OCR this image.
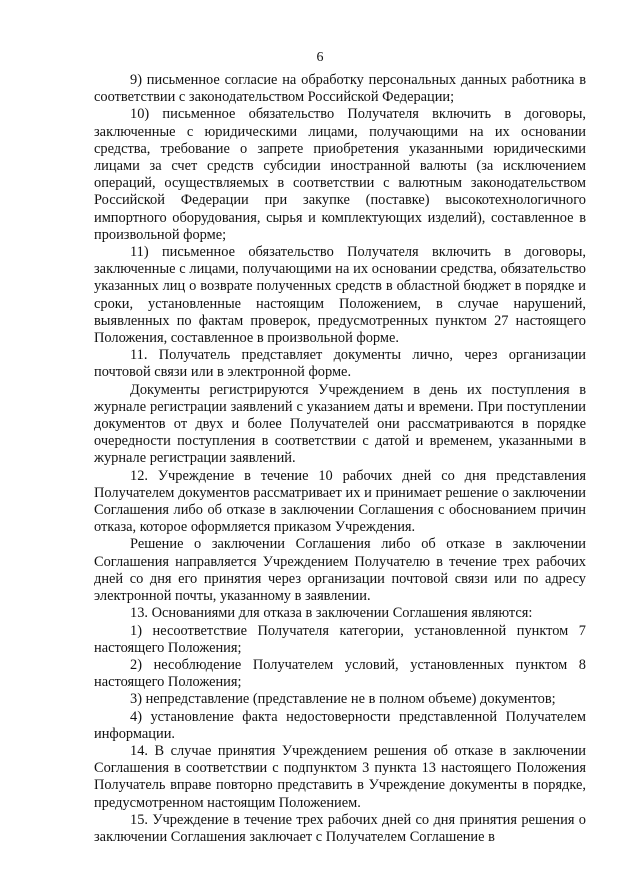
6

9) письменное согласие на обработку персональных данных работника в соответствии с законодательством Российской Федерации;

10) письменное обязательство Получателя включить в договоры, заключенные с юридическими лицами, получающими на их основании средства, требование о запрете приобретения указанными юридическими лицами за счет средств субсидии иностранной валюты (за исключением операций, осуществляемых в соответствии с валютным законодательством Российской Федерации при закупке (поставке) высокотехнологичного импортного оборудования, сырья и комплектующих изделий), составленное в произвольной форме;

11) письменное обязательство Получателя включить в договоры, заключенные с лицами, получающими на их основании средства, обязательство указанных лиц о возврате полученных средств в областной бюджет в порядке и сроки, установленные настоящим Положением, в случае нарушений, выявленных по фактам проверок, предусмотренных пунктом 27 настоящего Положения, составленное в произвольной форме.

11. Получатель представляет документы лично, через организации почтовой связи или в электронной форме.

Документы регистрируются Учреждением в день их поступления в журнале регистрации заявлений с указанием даты и времени. При поступлении документов от двух и более Получателей они рассматриваются в порядке очередности поступления в соответствии с датой и временем, указанными в журнале регистрации заявлений.

12. Учреждение в течение 10 рабочих дней со дня представления Получателем документов рассматривает их и принимает решение о заключении Соглашения либо об отказе в заключении Соглашения с обоснованием причин отказа, которое оформляется приказом Учреждения.

Решение о заключении Соглашения либо об отказе в заключении Соглашения направляется Учреждением Получателю в течение трех рабочих дней со дня его принятия через организации почтовой связи или по адресу электронной почты, указанному в заявлении.

13. Основаниями для отказа в заключении Соглашения являются:

1) несоответствие Получателя категории, установленной пунктом 7 настоящего Положения;

2) несоблюдение Получателем условий, установленных пунктом 8 настоящего Положения;

3) непредставление (представление не в полном объеме) документов;

4) установление факта недостоверности представленной Получателем информации.

14. В случае принятия Учреждением решения об отказе в заключении Соглашения в соответствии с подпунктом 3 пункта 13 настоящего Положения Получатель вправе повторно представить в Учреждение документы в порядке, предусмотренном настоящим Положением.

15. Учреждение в течение трех рабочих дней со дня принятия решения о заключении Соглашения заключает с Получателем Соглашение в
